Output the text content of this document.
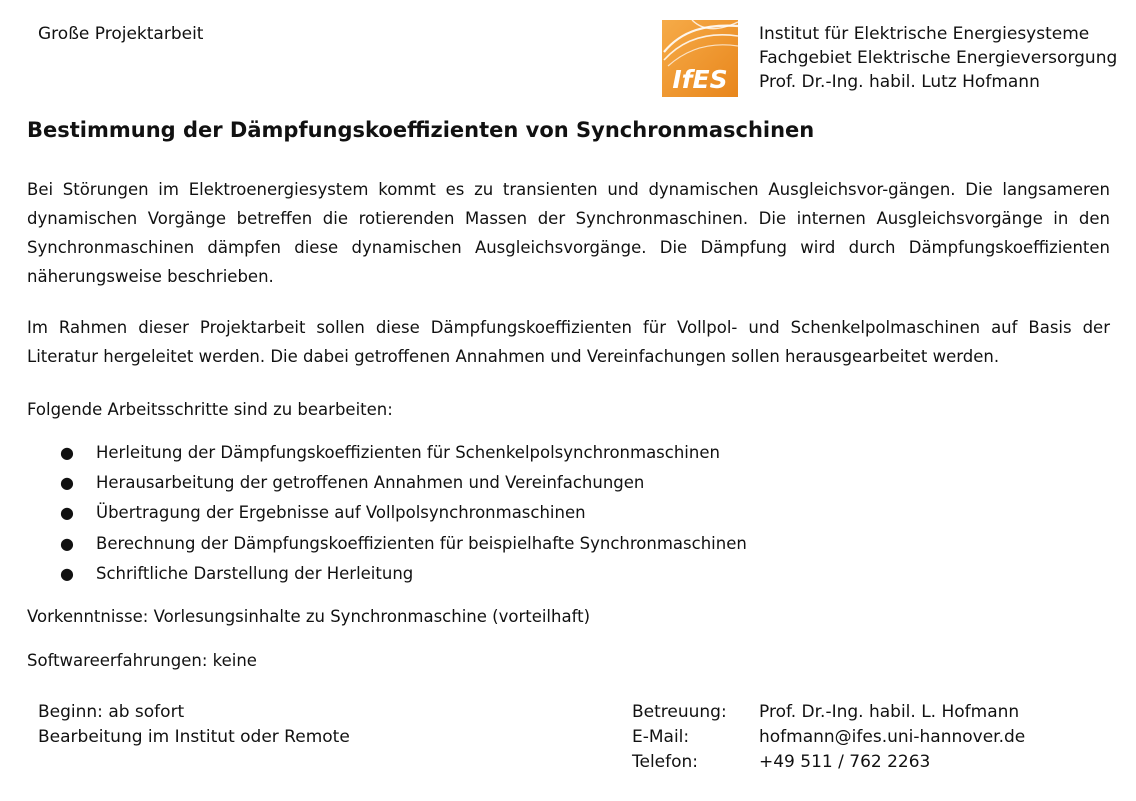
Große Projektarbeit
IfES
Institut für Elektrische Energiesysteme
Fachgebiet Elektrische Energieversorgung
Prof. Dr.-Ing. habil. Lutz Hofmann
Bestimmung der Dämpfungskoeffizienten von Synchronmaschinen
Bei Störungen im Elektroenergiesystem kommt es zu transienten und dynamischen Ausgleichsvor-gängen. Die langsameren dynamischen Vorgänge betreffen die rotierenden Massen der Synchronmaschinen. Die internen Ausgleichsvorgänge in den Synchronmaschinen dämpfen diese dynamischen Ausgleichsvorgänge. Die Dämpfung wird durch Dämpfungskoeffizienten näherungsweise beschrieben.
Im Rahmen dieser Projektarbeit sollen diese Dämpfungskoeffizienten für Vollpol- und Schenkelpolmaschinen auf Basis der Literatur hergeleitet werden. Die dabei getroffenen Annahmen und Vereinfachungen sollen herausgearbeitet werden.
Folgende Arbeitsschritte sind zu bearbeiten:
● Herleitung der Dämpfungskoeffizienten für Schenkelpolsynchronmaschinen
● Herausarbeitung der getroffenen Annahmen und Vereinfachungen
● Übertragung der Ergebnisse auf Vollpolsynchronmaschinen
● Berechnung der Dämpfungskoeffizienten für beispielhafte Synchronmaschinen
● Schriftliche Darstellung der Herleitung
Vorkenntnisse: Vorlesungsinhalte zu Synchronmaschine (vorteilhaft)
Softwareerfahrungen: keine
Beginn: ab sofort
Bearbeitung im Institut oder Remote
Betreuung:	Prof. Dr.-Ing. habil. L. Hofmann
E-Mail:	hofmann@ifes.uni-hannover.de
Telefon:	+49 511 / 762 2263
